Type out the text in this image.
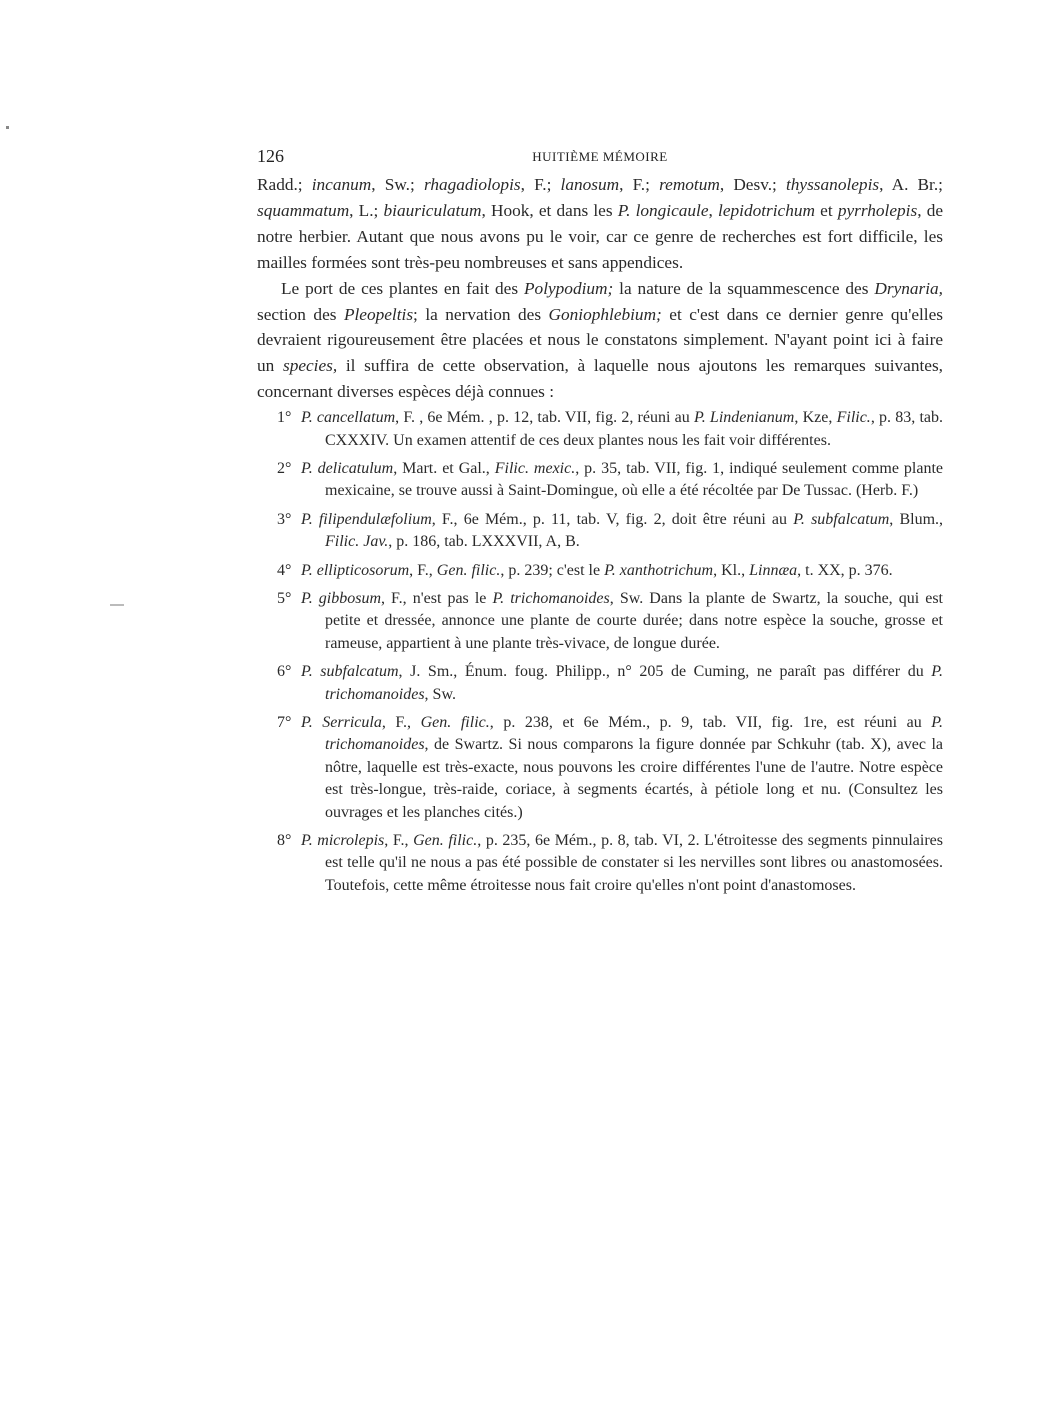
126	HUITIÈME MÉMOIRE

Radd.; incanum, Sw.; rhagadiolopis, F.; lanosum, F.; remotum, Desv.; thyssanolepis, A. Br.; squammatum, L.; biauriculatum, Hook, et dans les P. longicaule, lepidotrichum et pyrrholepis, de notre herbier. Autant que nous avons pu le voir, car ce genre de recherches est fort difficile, les mailles formées sont très-peu nombreuses et sans appendices.

Le port de ces plantes en fait des Polypodium; la nature de la squammescence des Drynaria, section des Pleopeltis; la nervation des Goniophlebium; et c'est dans ce dernier genre qu'elles devraient rigoureusement être placées et nous le constatons simplement. N'ayant point ici à faire un species, il suffira de cette observation, à laquelle nous ajoutons les remarques suivantes, concernant diverses espèces déjà connues :

1°P. cancellatum, F. , 6e Mém. , p. 12, tab. VII, fig. 2, réuni au P. Lindenianum, Kze, Filic., p. 83, tab. CXXXIV. Un examen attentif de ces deux plantes nous les fait voir différentes.

2°P. delicatulum, Mart. et Gal., Filic. mexic., p. 35, tab. VII, fig. 1, indiqué seulement comme plante mexicaine, se trouve aussi à Saint-Domingue, où elle a été récoltée par De Tussac. (Herb. F.)

3°P. filipendulæfolium, F., 6e Mém., p. 11, tab. V, fig. 2, doit être réuni au P. subfalcatum, Blum., Filic. Jav., p. 186, tab. LXXXVII, A, B.

4°P. ellipticosorum, F., Gen. filic., p. 239; c'est le P. xanthotrichum, Kl., Linnæa, t. XX, p. 376.

5°P. gibbosum, F., n'est pas le P. trichomanoides, Sw. Dans la plante de Swartz, la souche, qui est petite et dressée, annonce une plante de courte durée; dans notre espèce la souche, grosse et rameuse, appartient à une plante très-vivace, de longue durée.

6°P. subfalcatum, J. Sm., Énum. foug. Philipp., n° 205 de Cuming, ne paraît pas différer du P. trichomanoides, Sw.

7°P. Serricula, F., Gen. filic., p. 238, et 6e Mém., p. 9, tab. VII, fig. 1re, est réuni au P. trichomanoides, de Swartz. Si nous comparons la figure donnée par Schkuhr (tab. X), avec la nôtre, laquelle est très-exacte, nous pouvons les croire différentes l'une de l'autre. Notre espèce est très-longue, très-raide, coriace, à segments écartés, à pétiole long et nu. (Consultez les ouvrages et les planches cités.)

8°P. microlepis, F., Gen. filic., p. 235, 6e Mém., p. 8, tab. VI, 2. L'étroitesse des segments pinnulaires est telle qu'il ne nous a pas été possible de constater si les nervilles sont libres ou anastomosées. Toutefois, cette même étroitesse nous fait croire qu'elles n'ont point d'anastomoses.
